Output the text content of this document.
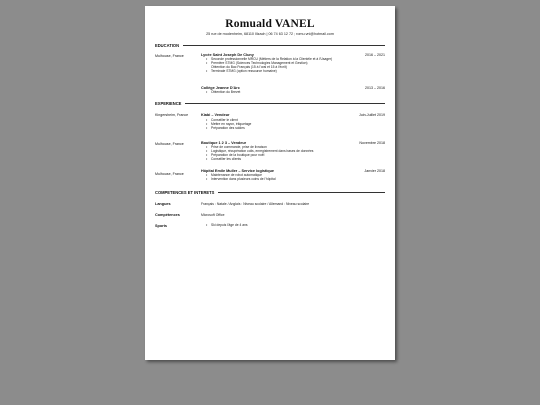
Romuald VANEL
25 rue de modenheim, 68110 Illzach | 06 74 63 12 72 ; romu.vnl@hotmail.com
EDUCATION
Mulhouse, France	Lycée Saint Joseph De Cluny	2016 – 2021
• Seconde professionnelle MRCU (Métiers de la Relation à la Clientèle et à l'Usager)
• Première STMG (Sciences Technologies Management et Gestion)
Obtention du Bac Français (15 à l'oral et 15 à l'écrit)
• Terminale STMG (option ressource humaine)
Collège Jeanne D'Arc	2013 – 2016
• Obtention du Brevet
EXPERIENCE
Kingersheim, France	Kiabi – Vendeur	Juin-Juillet 2019
• Conseiller le client
• Mettre en rayon, étiquetage
• Préparation des soldes
Mulhouse, France	Boutique 1 2 3 – Vendeur	Novembre 2018
• Prise de commande, prise de livraison
• Logistique, récupération colis, enregistrement dans bases de données
• Préparation de la boutique pour noël
• Conseiller les clients
Mulhouse, France
Hôpital Emile Muller – Service logistique	Janvier 2018
• Maintenance de robot automatique
• Intervention dans plusieurs coins de l'hôpital
COMPETENCES ET INTERETS
Langues	Français : Natale / Anglais : Niveau scolaire / Allemand : Niveau scolaire
Compétences	Microsoft Office
Sports
•	Ski depuis l'âge de 4 ans
